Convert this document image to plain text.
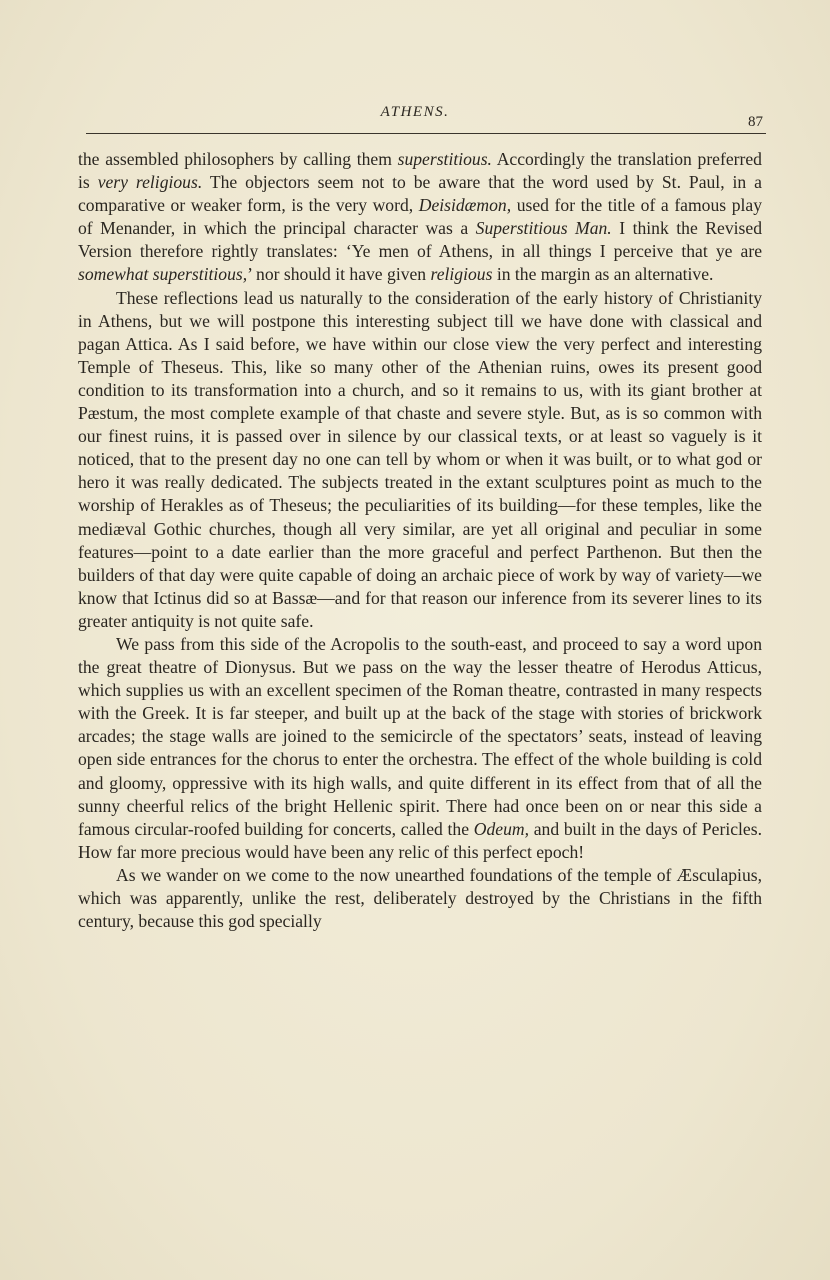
ATHENS.
87

the assembled philosophers by calling them superstitious. Accordingly the translation preferred is very religious. The objectors seem not to be aware that the word used by St. Paul, in a comparative or weaker form, is the very word, Deisidæmon, used for the title of a famous play of Menander, in which the principal character was a Superstitious Man. I think the Revised Version therefore rightly translates: ‘Ye men of Athens, in all things I perceive that ye are somewhat superstitious,’ nor should it have given religious in the margin as an alternative.

These reflections lead us naturally to the consideration of the early history of Christianity in Athens, but we will postpone this interesting subject till we have done with classical and pagan Attica. As I said before, we have within our close view the very perfect and interesting Temple of Theseus. This, like so many other of the Athenian ruins, owes its present good condition to its transformation into a church, and so it remains to us, with its giant brother at Pæstum, the most complete example of that chaste and severe style. But, as is so common with our finest ruins, it is passed over in silence by our classical texts, or at least so vaguely is it noticed, that to the present day no one can tell by whom or when it was built, or to what god or hero it was really dedicated. The subjects treated in the extant sculptures point as much to the worship of Herakles as of Theseus; the peculiarities of its building—for these temples, like the mediæval Gothic churches, though all very similar, are yet all original and peculiar in some features—point to a date earlier than the more graceful and perfect Parthenon. But then the builders of that day were quite capable of doing an archaic piece of work by way of variety—we know that Ictinus did so at Bassæ—and for that reason our inference from its severer lines to its greater antiquity is not quite safe.

We pass from this side of the Acropolis to the south-east, and proceed to say a word upon the great theatre of Dionysus. But we pass on the way the lesser theatre of Herodus Atticus, which supplies us with an excellent specimen of the Roman theatre, contrasted in many respects with the Greek. It is far steeper, and built up at the back of the stage with stories of brickwork arcades; the stage walls are joined to the semicircle of the spectators’ seats, instead of leaving open side entrances for the chorus to enter the orchestra. The effect of the whole building is cold and gloomy, oppressive with its high walls, and quite different in its effect from that of all the sunny cheerful relics of the bright Hellenic spirit. There had once been on or near this side a famous circular-roofed building for concerts, called the Odeum, and built in the days of Pericles. How far more precious would have been any relic of this perfect epoch!

As we wander on we come to the now unearthed foundations of the temple of Æsculapius, which was apparently, unlike the rest, deliberately destroyed by the Christians in the fifth century, because this god specially
